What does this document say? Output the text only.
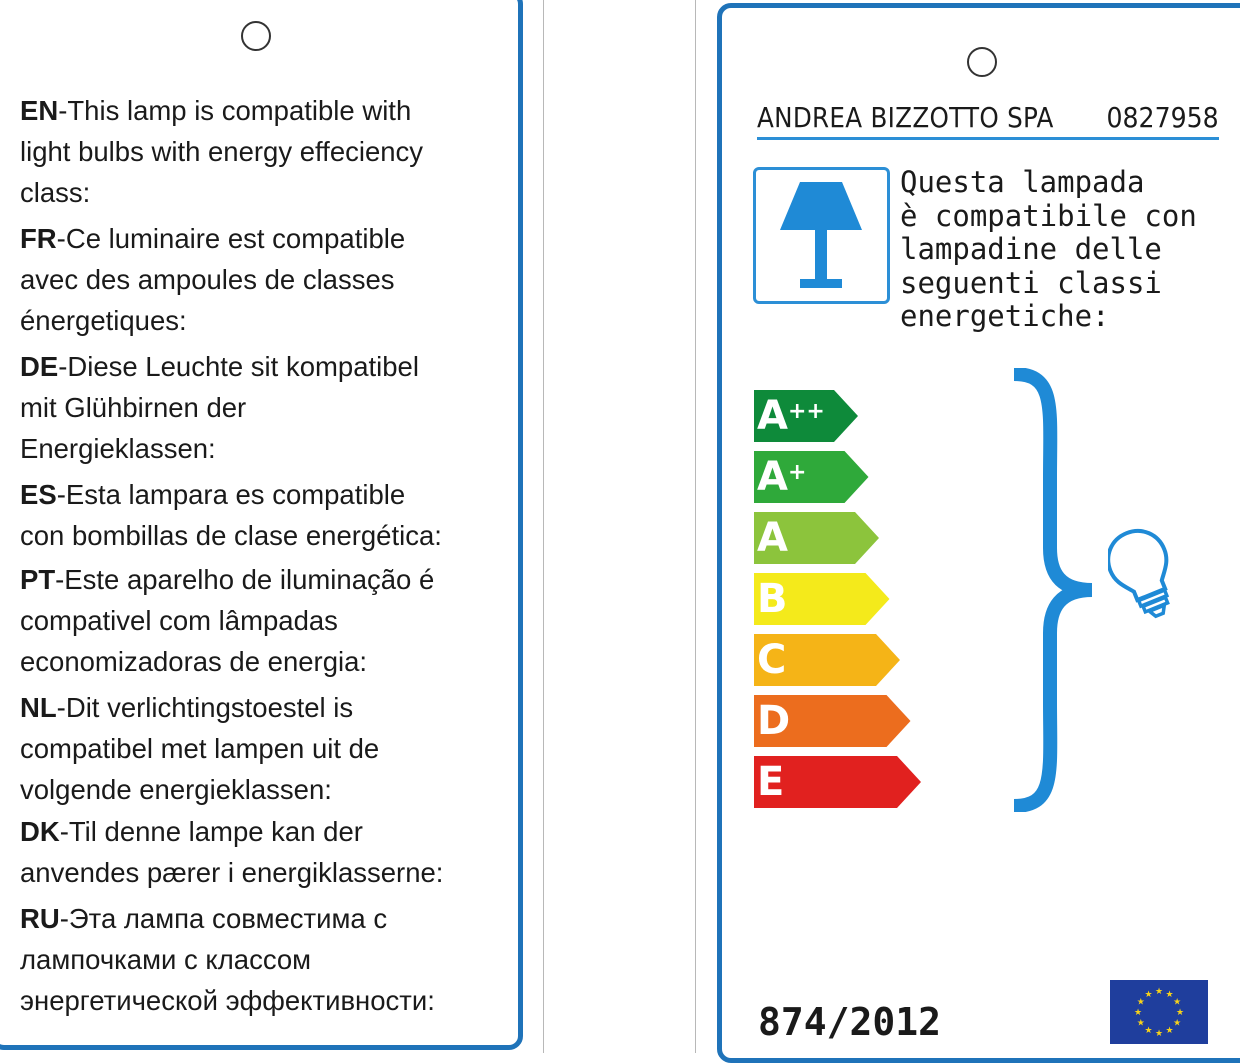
EN-This lamp is compatible with
light bulbs with energy effeciency
class:
FR-Ce luminaire est compatible
avec des ampoules de classes
énergetiques:
DE-Diese Leuchte sit kompatibel
mit Glühbirnen der
Energieklassen:
ES-Esta lampara es compatible
con bombillas de clase energética:
PT-Este aparelho de iluminação é
compativel com lâmpadas
economizadoras de energia:
NL-Dit verlichtingstoestel is
compatibel met lampen uit de
volgende energieklassen:
DK-Til denne lampe kan der
anvendes pærer i energiklasserne:
RU-Эта лампа совместима с
лампочками с классом
энергетической эффективности:
ANDREA BIZZOTTO SPA 0827958
Questa lampada
è compatibile con
lampadine delle
seguenti classi
energetiche:
A++
A+
A
B
C
D
E
874/2012
★ ★
★
★
★
★
★
★
★
★
★
★
